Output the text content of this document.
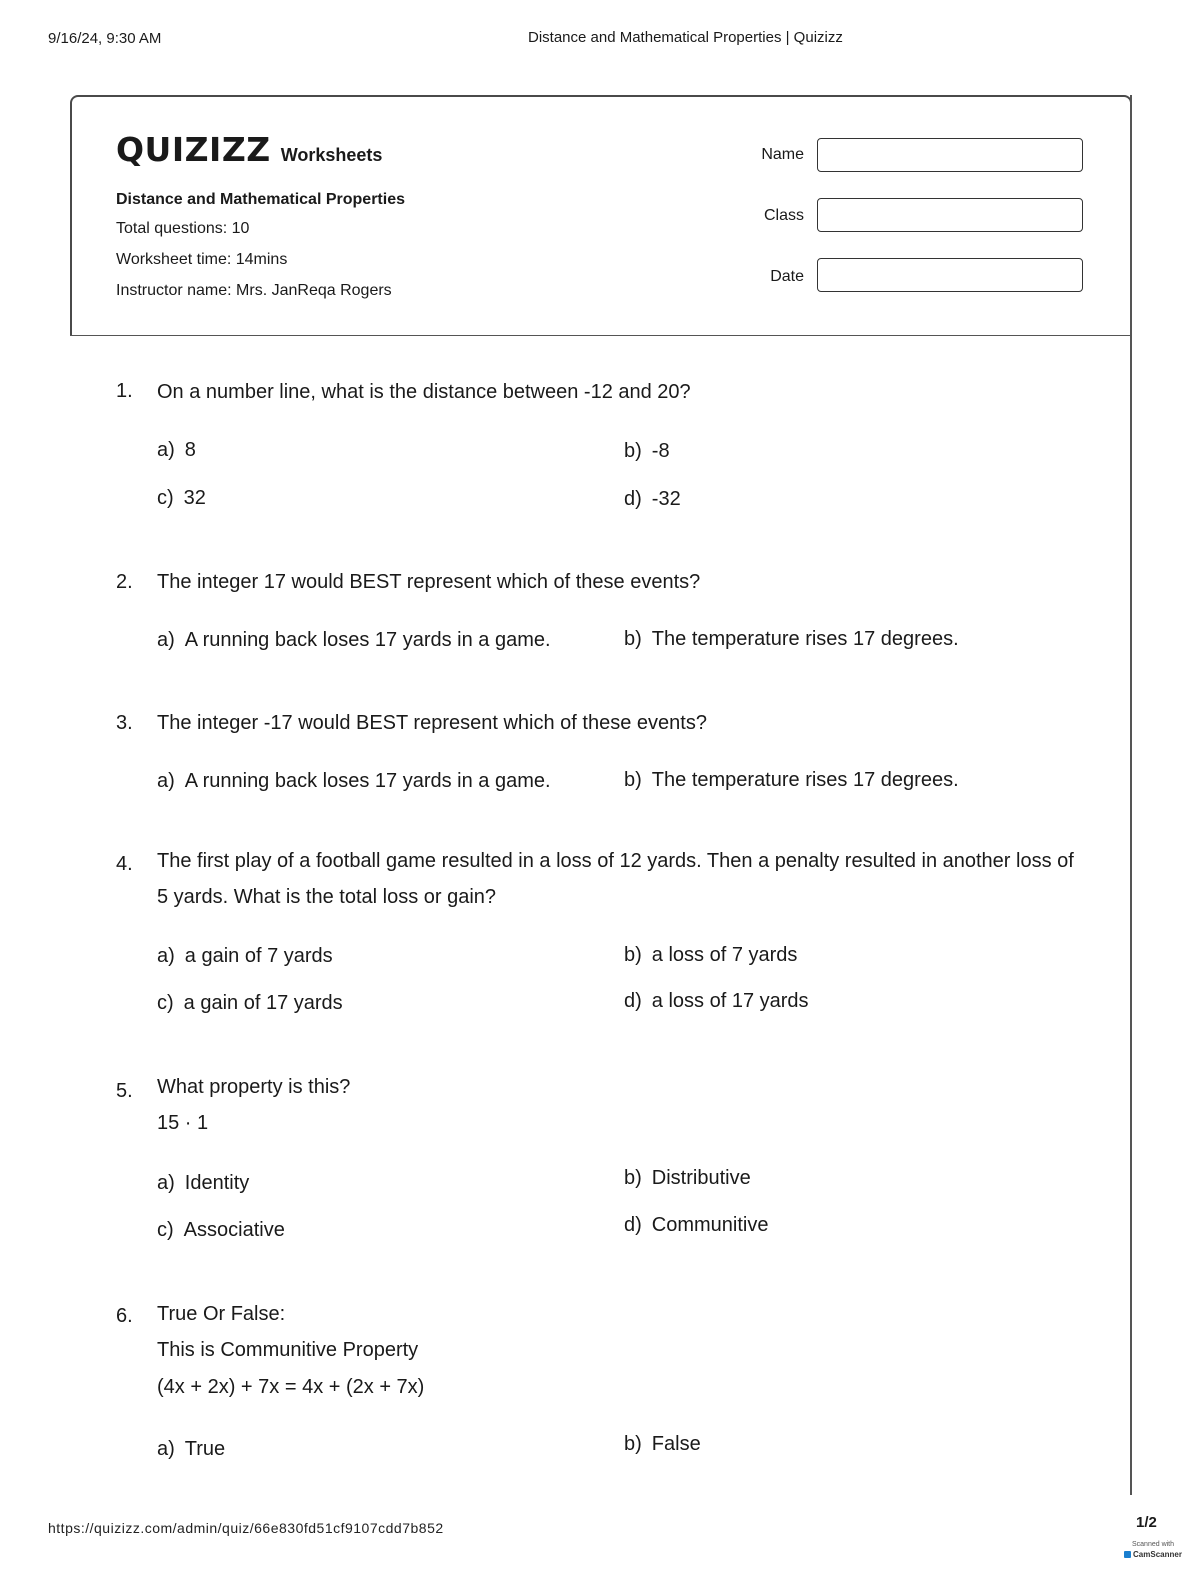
9/16/24, 9:30 AM	Distance and Mathematical Properties | Quizizz
QUIZIZZ Worksheets
Distance and Mathematical Properties
Total questions: 10
Worksheet time: 14mins
Instructor name: Mrs. JanReqa Rogers
Name
Class
Date
1. On a number line, what is the distance between -12 and 20?
a) 8	b) -8
c) 32	d) -32
2. The integer 17 would BEST represent which of these events?
a) A running back loses 17 yards in a game.	b) The temperature rises 17 degrees.
3. The integer -17 would BEST represent which of these events?
a) A running back loses 17 yards in a game.	b) The temperature rises 17 degrees.
4. The first play of a football game resulted in a loss of 12 yards. Then a penalty resulted in another loss of
5 yards. What is the total loss or gain?
a) a gain of 7 yards	b) a loss of 7 yards
c) a gain of 17 yards	d) a loss of 17 yards
5. What property is this?
15 · 1
a) Identity	b) Distributive
c) Associative	d) Communitive
6. True Or False:
This is Communitive Property
(4x + 2x) + 7x = 4x + (2x + 7x)
a) True	b) False
https://quizizz.com/admin/quiz/66e830fd51cf9107cdd7b852	1/2
Scanned with
CamScanner
